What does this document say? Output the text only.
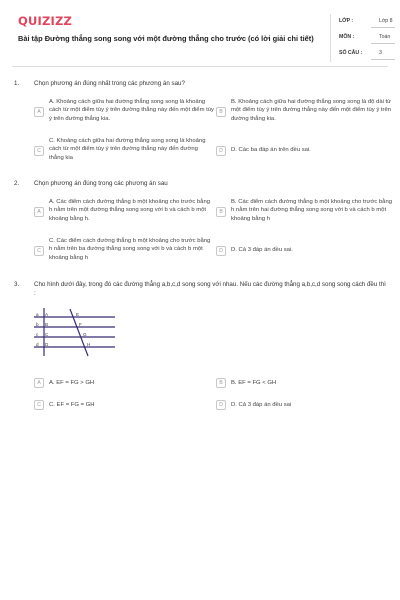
QUIZIZZ
Bài tập Đường thẳng song song với một đường thẳng cho trước (có lời giải chi tiết)
LỚP :	Lớp 8
MÔN :	Toán
SỐ CÂU :	3
1. Chọn phương án đúng nhất trong các phương án sau?
A
A. Khoảng cách giữa hai đường thẳng song song là khoảng cách từ một điểm tùy ý trên đường thẳng này đến một điểm tùy ý trên đường thẳng kia.
B
B. Khoảng cách giữa hai đường thẳng song song là độ dài từ một điểm tùy ý trên đường thẳng này đến một điểm tùy ý trên đường thẳng kia.
C
C. Khoảng cách giữa hai đường thẳng song song là khoảng cách từ một điểm tùy ý trên đường thẳng này đến đường thẳng kia
D	D. Các ba đáp án trên đều sai.
2. Chọn phương án đúng trong các phương án sau
A
A. Các điểm cách đường thẳng b một khoảng cho trước bằng h nằm trên một đường thẳng song song với b và cách b một khoảng bằng h.
B
B. Các điểm cách đường thẳng b một khoảng cho trước bằng h nằm trên hai đường thẳng song song với b và cách b một khoảng bằng h
C
C. Các điểm cách đường thẳng b một khoảng cho trước bằng h nằm trên ba đường thẳng song song với b và cách b một khoảng bằng h
D	D. Cả 3 đáp án đều sai.
3. Cho hình dưới đây, trong đó các đường thẳng a,b,c,d song song với nhau. Nếu các đường thẳng a,b,c,d song song cách đều thì :
a
b
c
d
A
B
C
D
E
F
G
H
A	A. EF = FG > GH	B	B. EF = FG < GH
C	C. EF = FG = GH	D	D. Cả 3 đáp án đều sai
